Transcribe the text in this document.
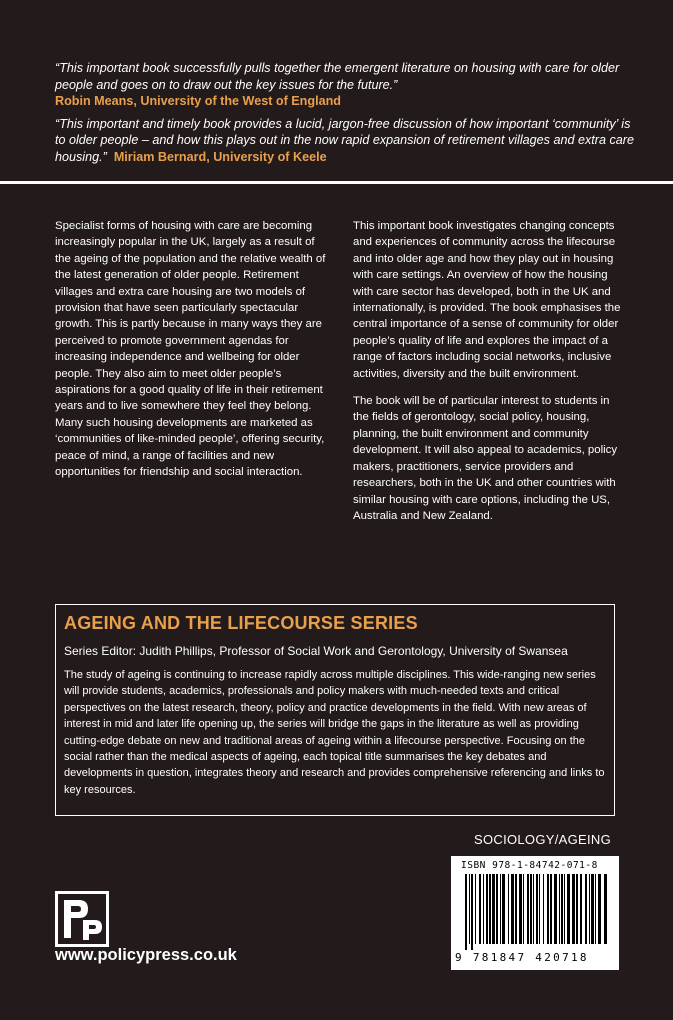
“This important book successfully pulls together the emergent literature on housing with care for older people and goes on to draw out the key issues for the future.”

Robin Means, University of the West of England

“This important and timely book provides a lucid, jargon-free discussion of how important ‘community’ is to older people – and how this plays out in the now rapid expansion of retirement villages and extra care housing.” Miriam Bernard, University of Keele

Specialist forms of housing with care are becoming increasingly popular in the UK, largely as a result of the ageing of the population and the relative wealth of the latest generation of older people. Retirement villages and extra care housing are two models of provision that have seen particularly spectacular growth. This is partly because in many ways they are perceived to promote government agendas for increasing independence and wellbeing for older people. They also aim to meet older people’s aspirations for a good quality of life in their retirement years and to live somewhere they feel they belong. Many such housing developments are marketed as ‘communities of like-minded people’, offering security, peace of mind, a range of facilities and new opportunities for friendship and social interaction.

This important book investigates changing concepts and experiences of community across the lifecourse and into older age and how they play out in housing with care settings. An overview of how the housing with care sector has developed, both in the UK and internationally, is provided. The book emphasises the central importance of a sense of community for older people’s quality of life and explores the impact of a range of factors including social networks, inclusive activities, diversity and the built environment.

The book will be of particular interest to students in the fields of gerontology, social policy, housing, planning, the built environment and community development. It will also appeal to academics, policy makers, practitioners, service providers and researchers, both in the UK and other countries with similar housing with care options, including the US, Australia and New Zealand.

AGEING AND THE LIFECOURSE SERIES
Series Editor: Judith Phillips, Professor of Social Work and Gerontology, University of Swansea

The study of ageing is continuing to increase rapidly across multiple disciplines. This wide-ranging new series will provide students, academics, professionals and policy makers with much-needed texts and critical perspectives on the latest research, theory, policy and practice developments in the field. With new areas of interest in mid and later life opening up, the series will bridge the gaps in the literature as well as providing cutting-edge debate on new and traditional areas of ageing within a lifecourse perspective. Focusing on the social rather than the medical aspects of ageing, each topical title summarises the key debates and developments in question, integrates theory and research and provides comprehensive referencing and links to key resources.

SOCIOLOGY/AGEING
ISBN 978-1-84742-071-8
9 781847 420718
www.policypress.co.uk
